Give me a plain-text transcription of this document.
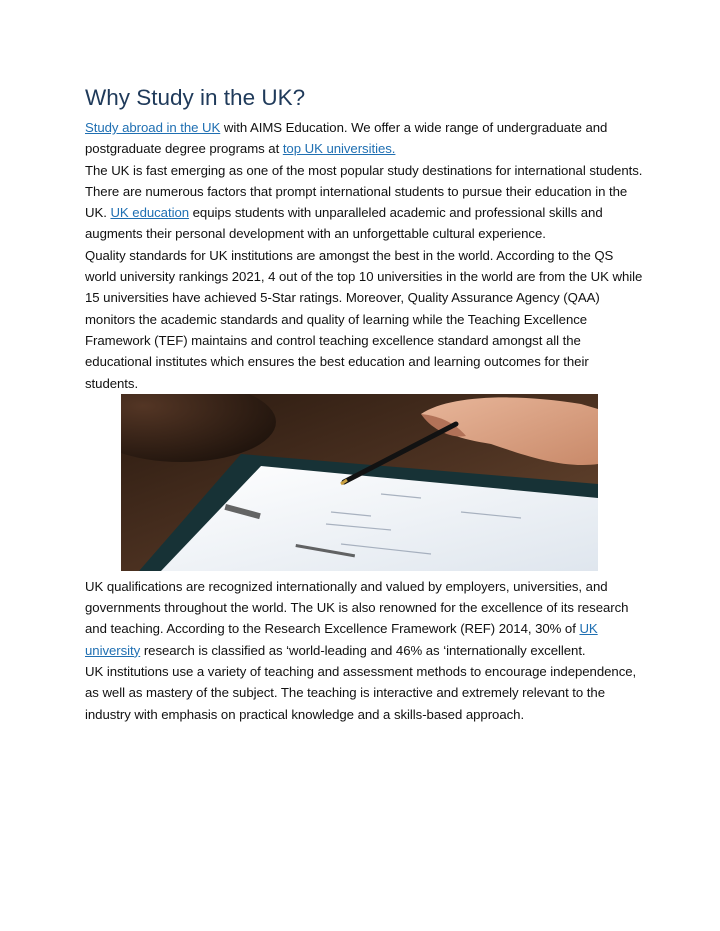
Why Study in the UK?

Study abroad in the UK with AIMS Education. We offer a wide range of undergraduate and postgraduate degree programs at top UK universities.

The UK is fast emerging as one of the most popular study destinations for international students. There are numerous factors that prompt international students to pursue their education in the UK. UK education equips students with unparalleled academic and professional skills and augments their personal development with an unforgettable cultural experience.

Quality standards for UK institutions are amongst the best in the world. According to the QS world university rankings 2021, 4 out of the top 10 universities in the world are from the UK while 15 universities have achieved 5-Star ratings. Moreover, Quality Assurance Agency (QAA) monitors the academic standards and quality of learning while the Teaching Excellence Framework (TEF) maintains and control teaching excellence standard amongst all the educational institutes which ensures the best education and learning outcomes for their students.

UK qualifications are recognized internationally and valued by employers, universities, and governments throughout the world. The UK is also renowned for the excellence of its research and teaching. According to the Research Excellence Framework (REF) 2014, 30% of UK university research is classified as ‘world-leading and 46% as ‘internationally excellent.

UK institutions use a variety of teaching and assessment methods to encourage independence, as well as mastery of the subject. The teaching is interactive and extremely relevant to the industry with emphasis on practical knowledge and a skills-based approach.
